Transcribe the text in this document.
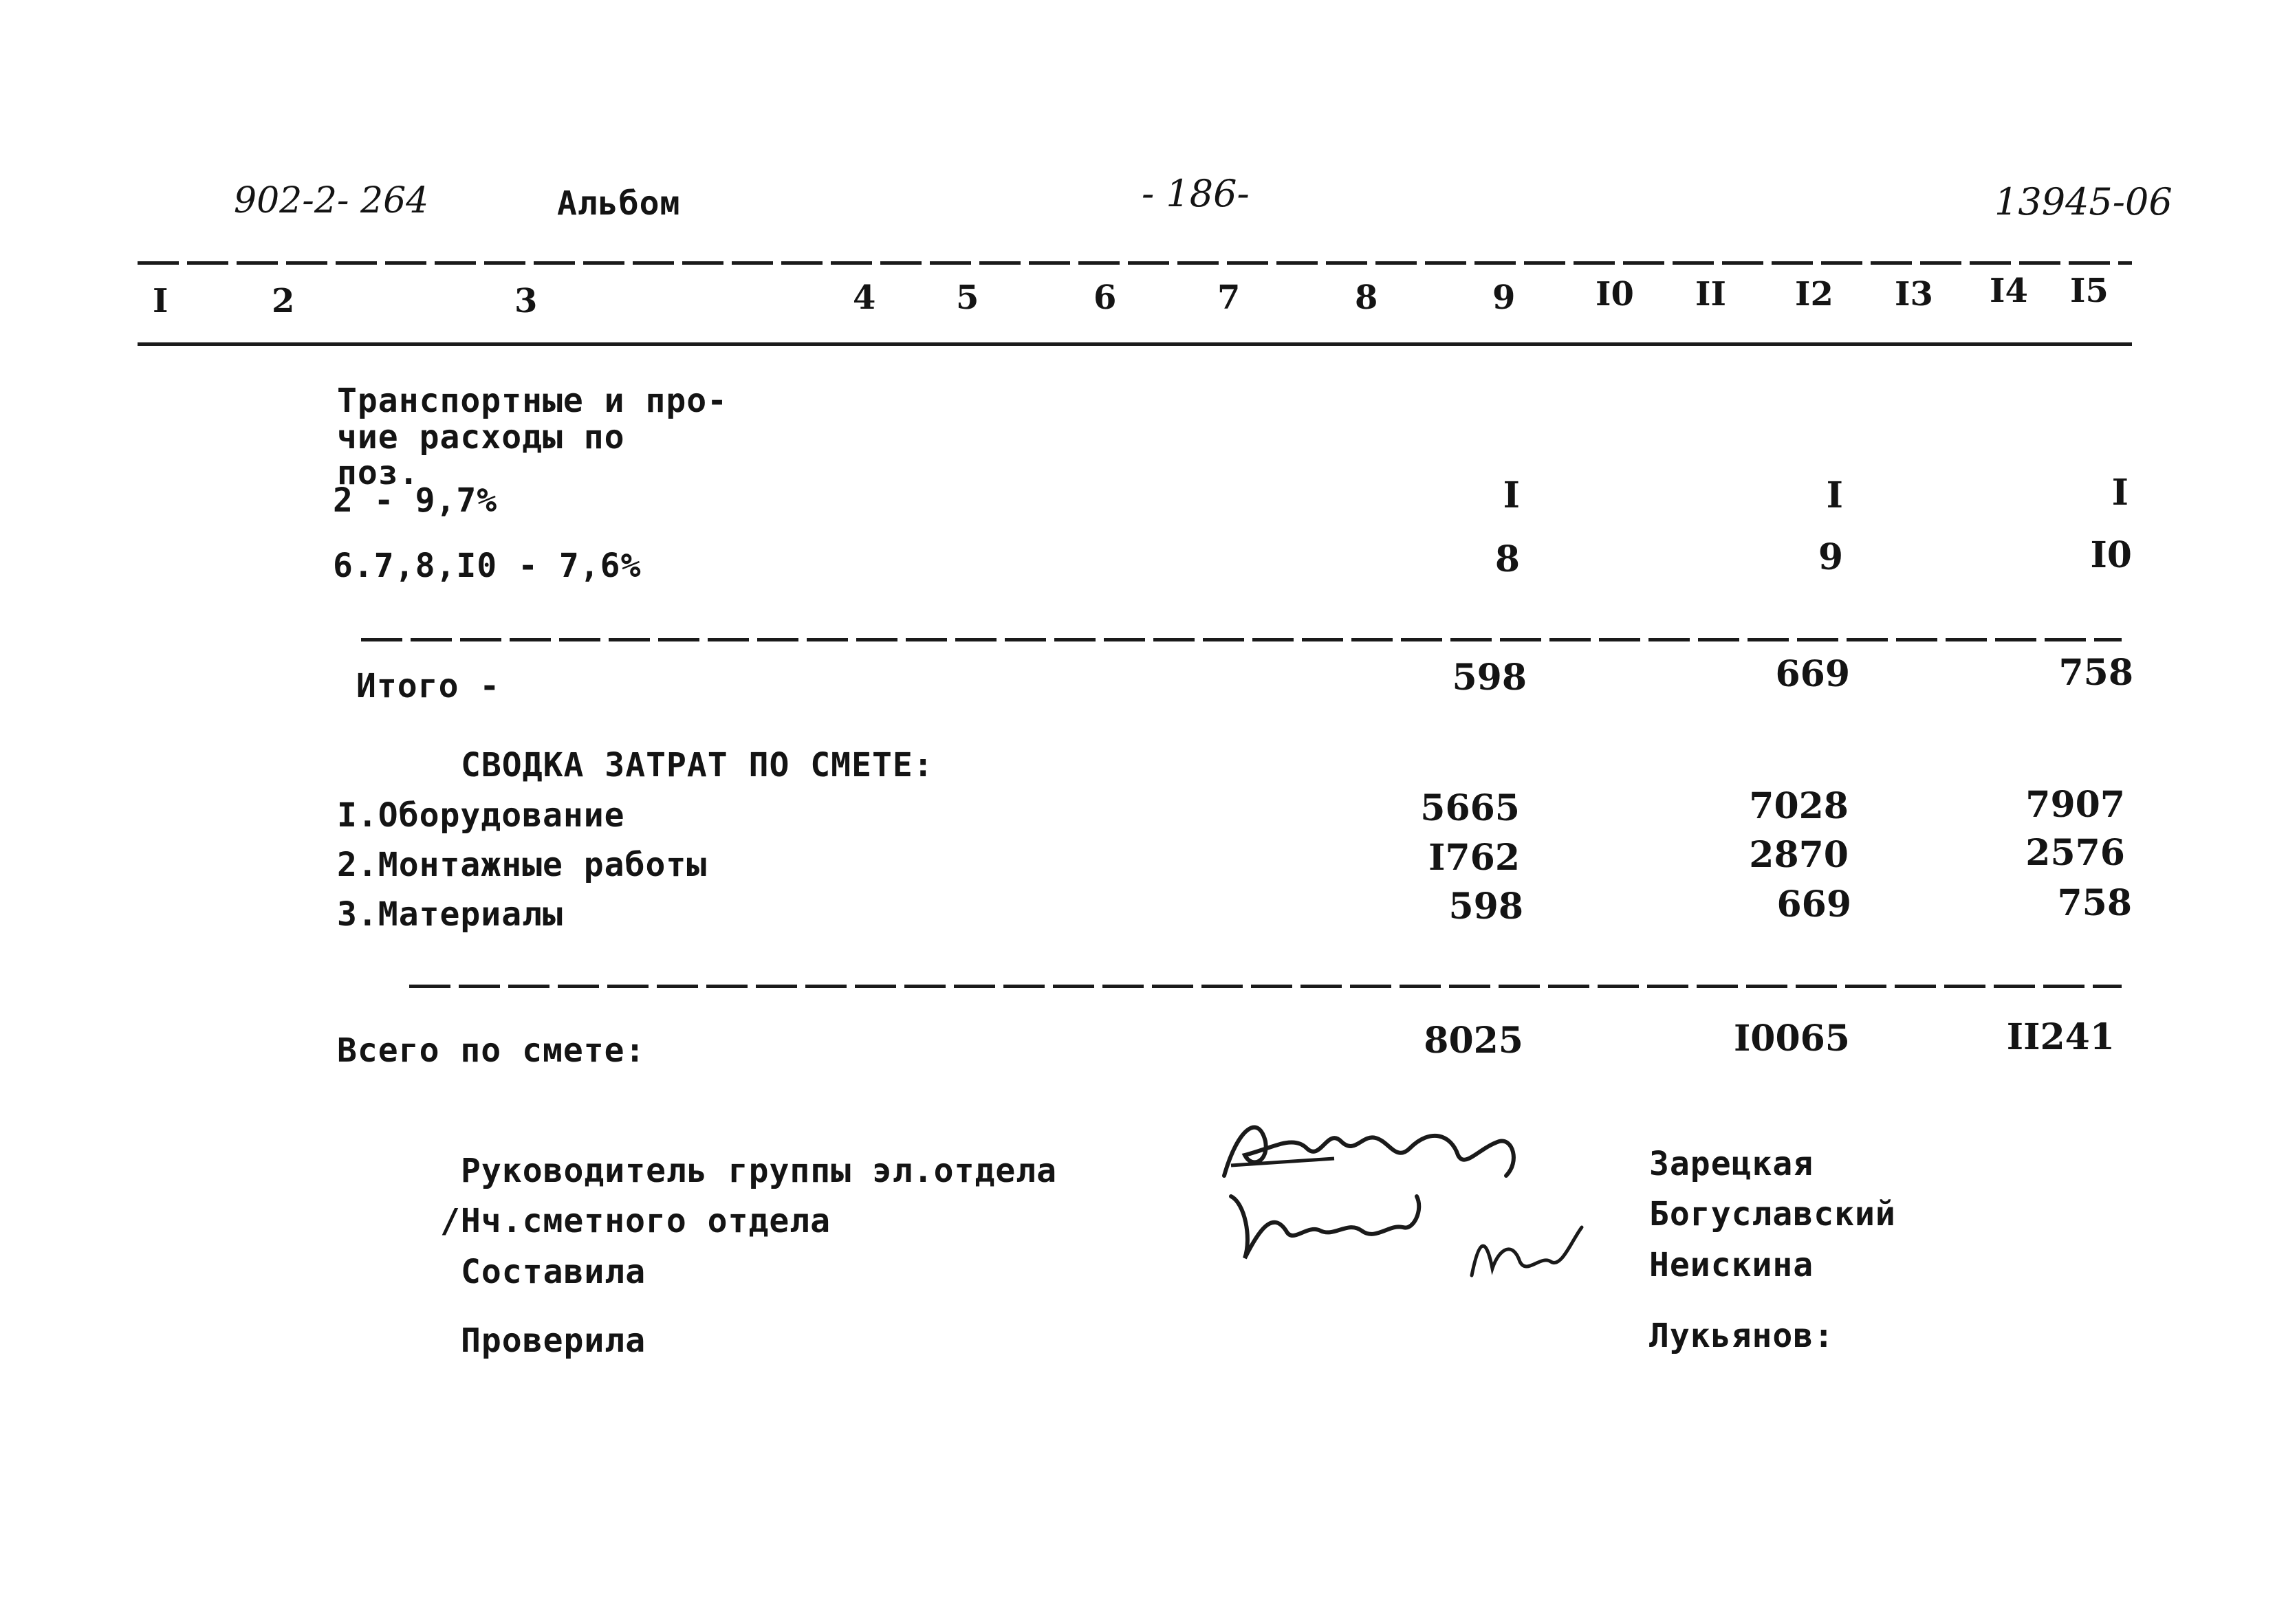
902-2- 264	Альбом	- 186-	13945-06
I	2	3	4 5	6	7	8	9 I0 II I2 I3 I4 I5
Транспортные и про-
чие расходы по
поз.
2 - 9,7%	I	I	I
6.7,8,I0 - 7,6%	8	9	I0
Итого -	598	669	758
СВОДКА ЗАТРАТ ПО СМЕТЕ:
I.Оборудование	5665	7028	7907
2.Монтажные работы	I762	2870	2576
3.Материалы	598	669	758
Всего по смете:	8025	I0065	II241
Руководитель группы эл.отдела
/Нч.сметного отдела
Составила
Проверила
Зарецкая
Богуславский
Неискина
Лукьянов:
